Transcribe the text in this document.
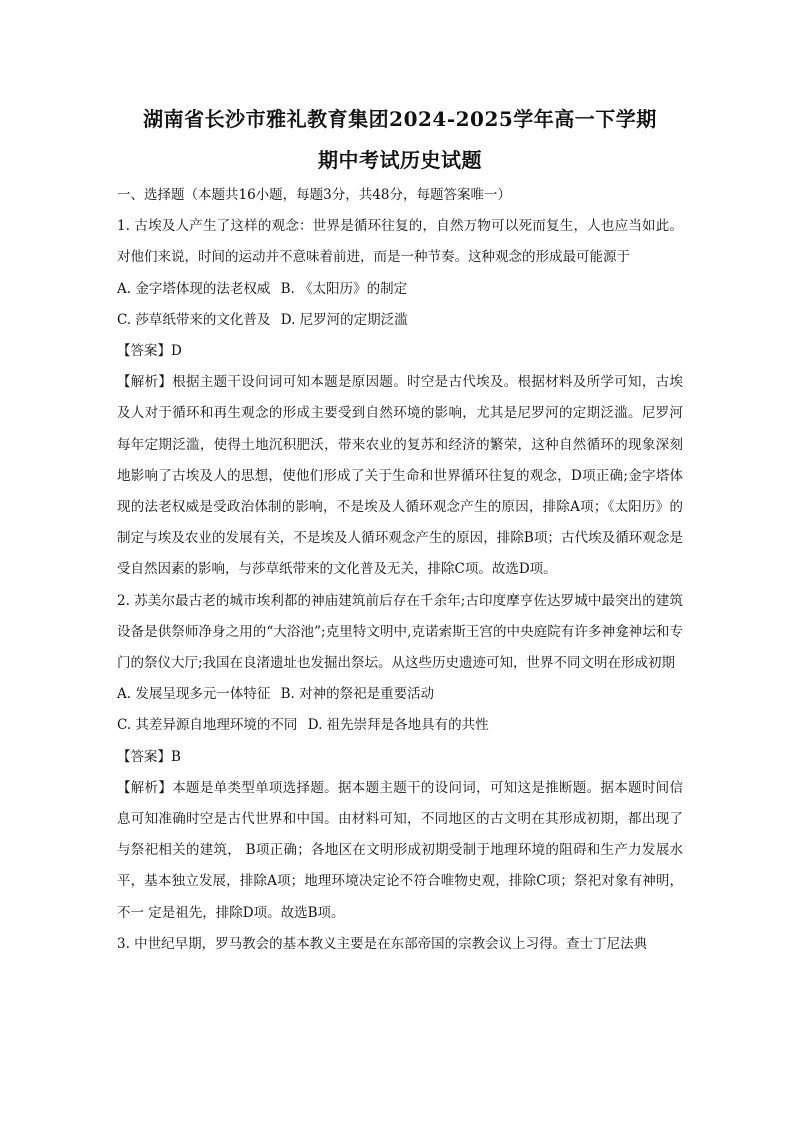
湖南省长沙市雅礼教育集团2024-2025学年高一下学期
期中考试历史试题

一、选择题（本题共16小题，每题3分，共48分，每题答案唯一）

1. 古埃及人产生了这样的观念：世界是循环往复的，自然万物可以死而复生，人也应当如此。对他们来说，时间的运动并不意味着前进，而是一种节奏。这种观念的形成最可能源于

A. 金字塔体现的法老权威 B. 《太阳历》的制定
C. 莎草纸带来的文化普及 D. 尼罗河的定期泛滥

【答案】D

【解析】根据主题干设问词可知本题是原因题。时空是古代埃及。根据材料及所学可知，古埃及人对于循环和再生观念的形成主要受到自然环境的影响，尤其是尼罗河的定期泛滥。尼罗河每年定期泛滥，使得土地沉积肥沃，带来农业的复苏和经济的繁荣，这种自然循环的现象深刻地影响了古埃及人的思想，使他们形成了关于生命和世界循环往复的观念，D项正确;金字塔体现的法老权威是受政治体制的影响，不是埃及人循环观念产生的原因，排除A项；《太阳历》的制定与埃及农业的发展有关，不是埃及人循环观念产生的原因，排除B项；古代埃及循环观念是受自然因素的影响，与莎草纸带来的文化普及无关，排除C项。故选D项。

2. 苏美尔最古老的城市埃利都的神庙建筑前后存在千余年;古印度摩亨佐达罗城中最突出的建筑设备是供祭师净身之用的“大浴池”;克里特文明中,克诺索斯王宫的中央庭院有许多神龛神坛和专门的祭仪大厅;我国在良渚遗址也发掘出祭坛。从这些历史遗迹可知，世界不同文明在形成初期

A. 发展呈现多元一体特征 B. 对神的祭祀是重要活动
C. 其差异源自地理环境的不同 D. 祖先崇拜是各地具有的共性

【答案】B

【解析】本题是单类型单项选择题。据本题主题干的设问词，可知这是推断题。据本题时间信息可知准确时空是古代世界和中国。由材料可知，不同地区的古文明在其形成初期，都出现了与祭祀相关的建筑， B项正确；各地区在文明形成初期受制于地理环境的阻碍和生产力发展水平，基本独立发展，排除A项；地理环境决定论不符合唯物史观，排除C项；祭祀对象有神明，不一 定是祖先，排除D项。故选B项。

3. 中世纪早期，罗马教会的基本教义主要是在东部帝国的宗教会议上习得。查士丁尼法典
